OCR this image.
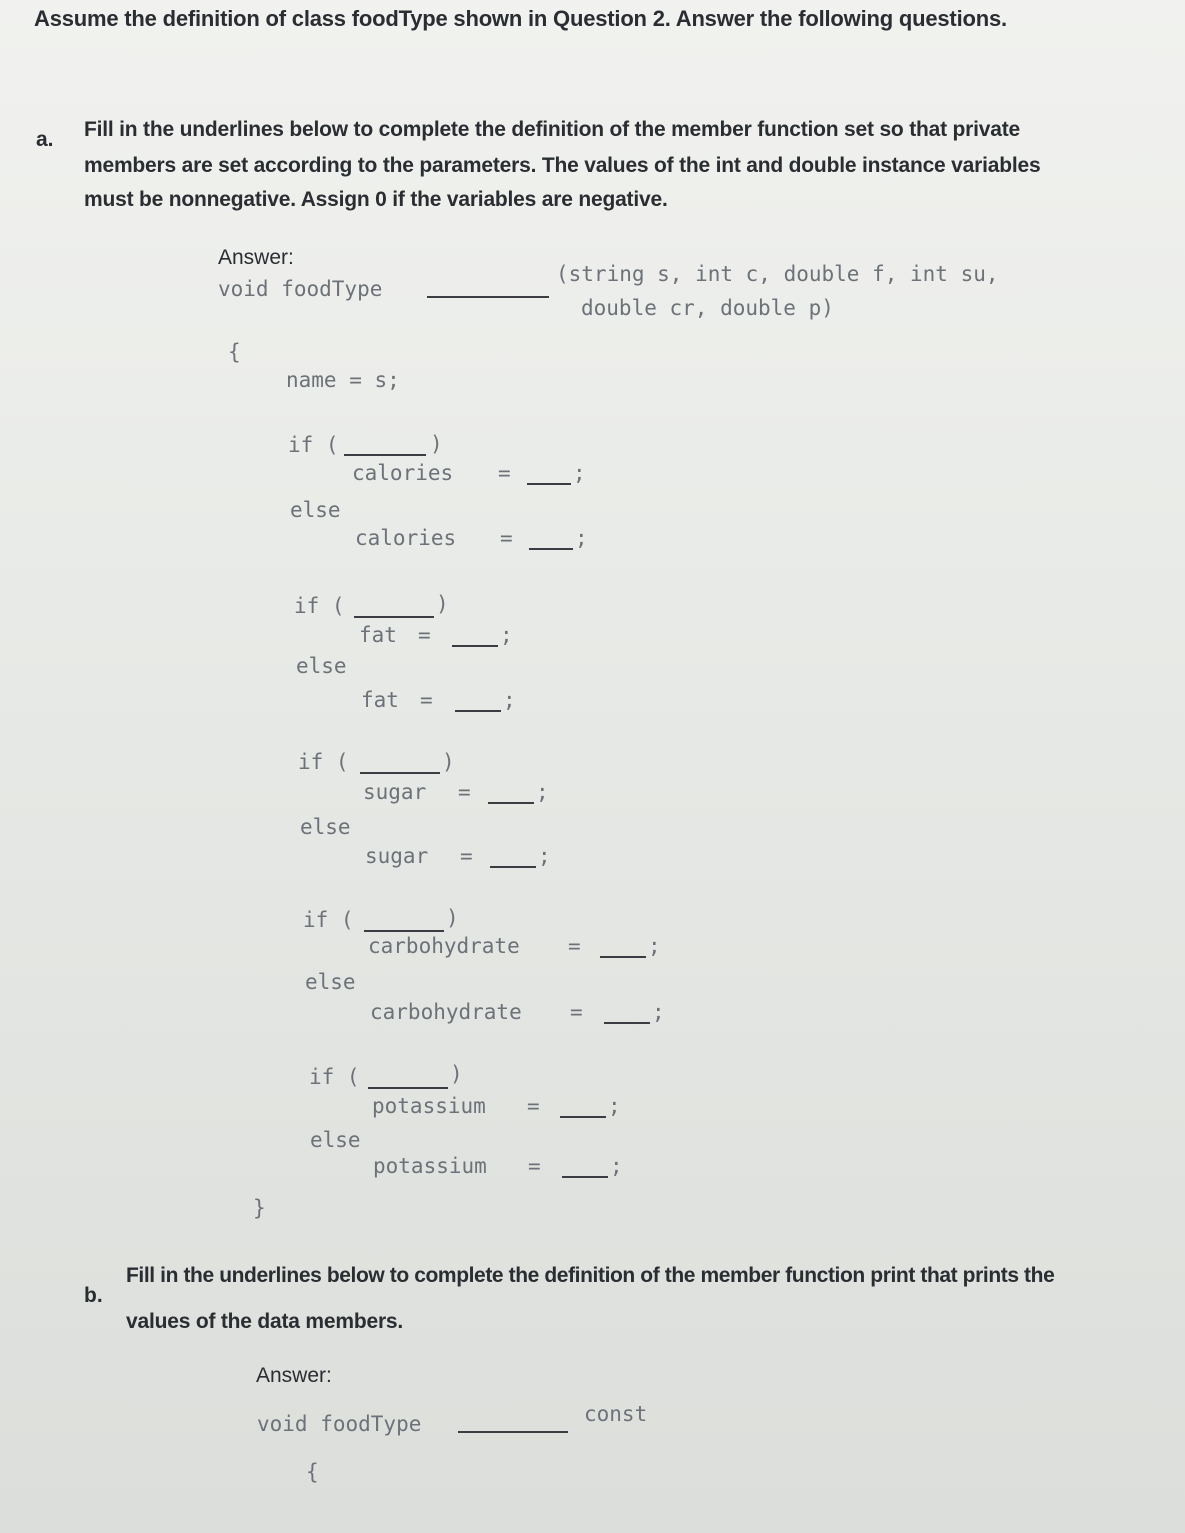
Assume the definition of class foodType shown in Question 2. Answer the following questions.
a. Fill in the underlines below to complete the definition of the member function set so that private
members are set according to the parameters. The values of the int and double instance variables
must be nonnegative. Assign 0 if the variables are negative.
Answer:
void foodType
(string s, int c, double f, int su,
double cr, double p)
{
name = s;
if (	)
calories =	;
else
calories =	;
if (	)
fat =	;
else
fat =	;
if (	)
sugar =	;
else
sugar =	;
if (	)
carbohydrate =	;
else
carbohydrate =	;
if (	)
potassium =	;
else
potassium =	;
}
b.
Fill in the underlines below to complete the definition of the member function print that prints the
values of the data members.
Answer:
void foodType	const
{
